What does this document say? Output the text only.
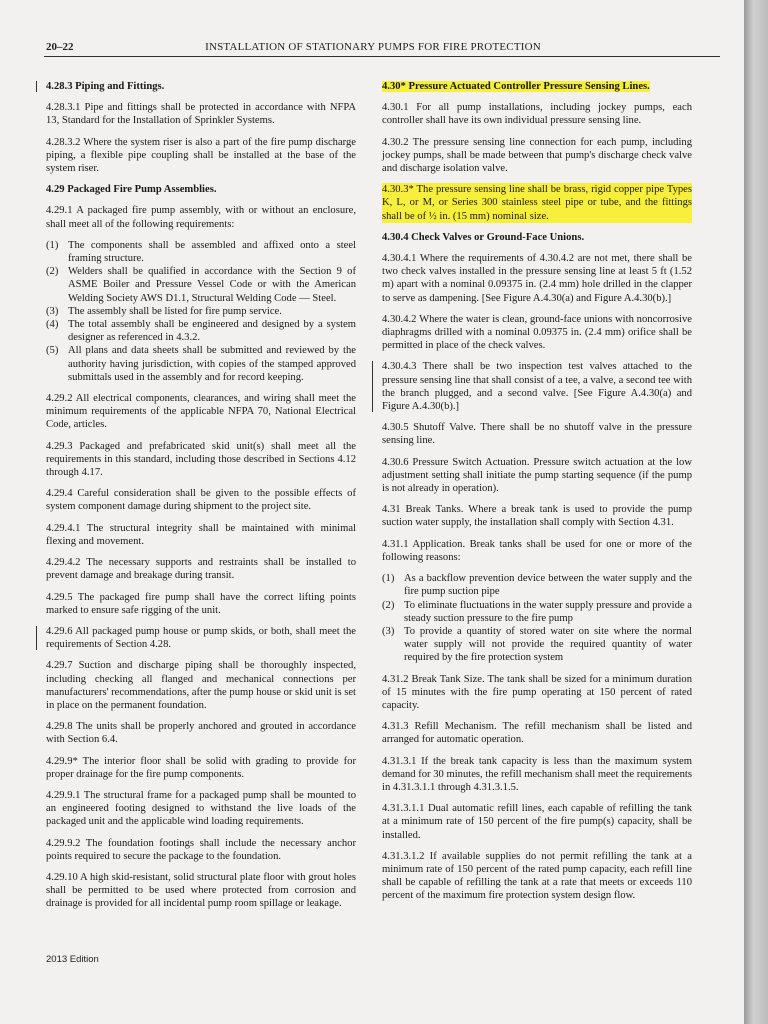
20–22	INSTALLATION OF STATIONARY PUMPS FOR FIRE PROTECTION

4.28.3 Piping and Fittings.

4.28.3.1 Pipe and fittings shall be protected in accordance with NFPA 13, Standard for the Installation of Sprinkler Systems.

4.28.3.2 Where the system riser is also a part of the fire pump discharge piping, a flexible pipe coupling shall be installed at the base of the system riser.

4.29 Packaged Fire Pump Assemblies.

4.29.1 A packaged fire pump assembly, with or without an enclosure, shall meet all of the following requirements:

(1) The components shall be assembled and affixed onto a steel framing structure.
(2) Welders shall be qualified in accordance with the Section 9 of ASME Boiler and Pressure Vessel Code or with the American Welding Society AWS D1.1, Structural Welding Code — Steel.
(3) The assembly shall be listed for fire pump service.
(4) The total assembly shall be engineered and designed by a system designer as referenced in 4.3.2.
(5) All plans and data sheets shall be submitted and reviewed by the authority having jurisdiction, with copies of the stamped approved submittals used in the assembly and for record keeping.

4.29.2 All electrical components, clearances, and wiring shall meet the minimum requirements of the applicable NFPA 70, National Electrical Code, articles.

4.29.3 Packaged and prefabricated skid unit(s) shall meet all the requirements in this standard, including those described in Sections 4.12 through 4.17.

4.29.4 Careful consideration shall be given to the possible effects of system component damage during shipment to the project site.

4.29.4.1 The structural integrity shall be maintained with minimal flexing and movement.

4.29.4.2 The necessary supports and restraints shall be installed to prevent damage and breakage during transit.

4.29.5 The packaged fire pump shall have the correct lifting points marked to ensure safe rigging of the unit.

4.29.6 All packaged pump house or pump skids, or both, shall meet the requirements of Section 4.28.

4.29.7 Suction and discharge piping shall be thoroughly inspected, including checking all flanged and mechanical connections per manufacturers' recommendations, after the pump house or skid unit is set in place on the permanent foundation.

4.29.8 The units shall be properly anchored and grouted in accordance with Section 6.4.

4.29.9* The interior floor shall be solid with grading to provide for proper drainage for the fire pump components.

4.29.9.1 The structural frame for a packaged pump shall be mounted to an engineered footing designed to withstand the live loads of the packaged unit and the applicable wind loading requirements.

4.29.9.2 The foundation footings shall include the necessary anchor points required to secure the package to the foundation.

4.29.10 A high skid-resistant, solid structural plate floor with grout holes shall be permitted to be used where protected from corrosion and drainage is provided for all incidental pump room spillage or leakage.

4.30* Pressure Actuated Controller Pressure Sensing Lines.

4.30.1 For all pump installations, including jockey pumps, each controller shall have its own individual pressure sensing line.

4.30.2 The pressure sensing line connection for each pump, including jockey pumps, shall be made between that pump's discharge check valve and discharge isolation valve.

4.30.3* The pressure sensing line shall be brass, rigid copper pipe Types K, L, or M, or Series 300 stainless steel pipe or tube, and the fittings shall be of ½ in. (15 mm) nominal size.

4.30.4 Check Valves or Ground-Face Unions.

4.30.4.1 Where the requirements of 4.30.4.2 are not met, there shall be two check valves installed in the pressure sensing line at least 5 ft (1.52 m) apart with a nominal 0.09375 in. (2.4 mm) hole drilled in the clapper to serve as dampening. [See Figure A.4.30(a) and Figure A.4.30(b).]

4.30.4.2 Where the water is clean, ground-face unions with noncorrosive diaphragms drilled with a nominal 0.09375 in. (2.4 mm) orifice shall be permitted in place of the check valves.

4.30.4.3 There shall be two inspection test valves attached to the pressure sensing line that shall consist of a tee, a valve, a second tee with the branch plugged, and a second valve. [See Figure A.4.30(a) and Figure A.4.30(b).]

4.30.5 Shutoff Valve. There shall be no shutoff valve in the pressure sensing line.

4.30.6 Pressure Switch Actuation. Pressure switch actuation at the low adjustment setting shall initiate the pump starting sequence (if the pump is not already in operation).

4.31 Break Tanks. Where a break tank is used to provide the pump suction water supply, the installation shall comply with Section 4.31.

4.31.1 Application. Break tanks shall be used for one or more of the following reasons:

(1) As a backflow prevention device between the water supply and the fire pump suction pipe
(2) To eliminate fluctuations in the water supply pressure and provide a steady suction pressure to the fire pump
(3) To provide a quantity of stored water on site where the normal water supply will not provide the required quantity of water required by the fire protection system

4.31.2 Break Tank Size. The tank shall be sized for a minimum duration of 15 minutes with the fire pump operating at 150 percent of rated capacity.

4.31.3 Refill Mechanism. The refill mechanism shall be listed and arranged for automatic operation.

4.31.3.1 If the break tank capacity is less than the maximum system demand for 30 minutes, the refill mechanism shall meet the requirements in 4.31.3.1.1 through 4.31.3.1.5.

4.31.3.1.1 Dual automatic refill lines, each capable of refilling the tank at a minimum rate of 150 percent of the fire pump(s) capacity, shall be installed.

4.31.3.1.2 If available supplies do not permit refilling the tank at a minimum rate of 150 percent of the rated pump capacity, each refill line shall be capable of refilling the tank at a rate that meets or exceeds 110 percent of the maximum fire protection system design flow.

2013 Edition
